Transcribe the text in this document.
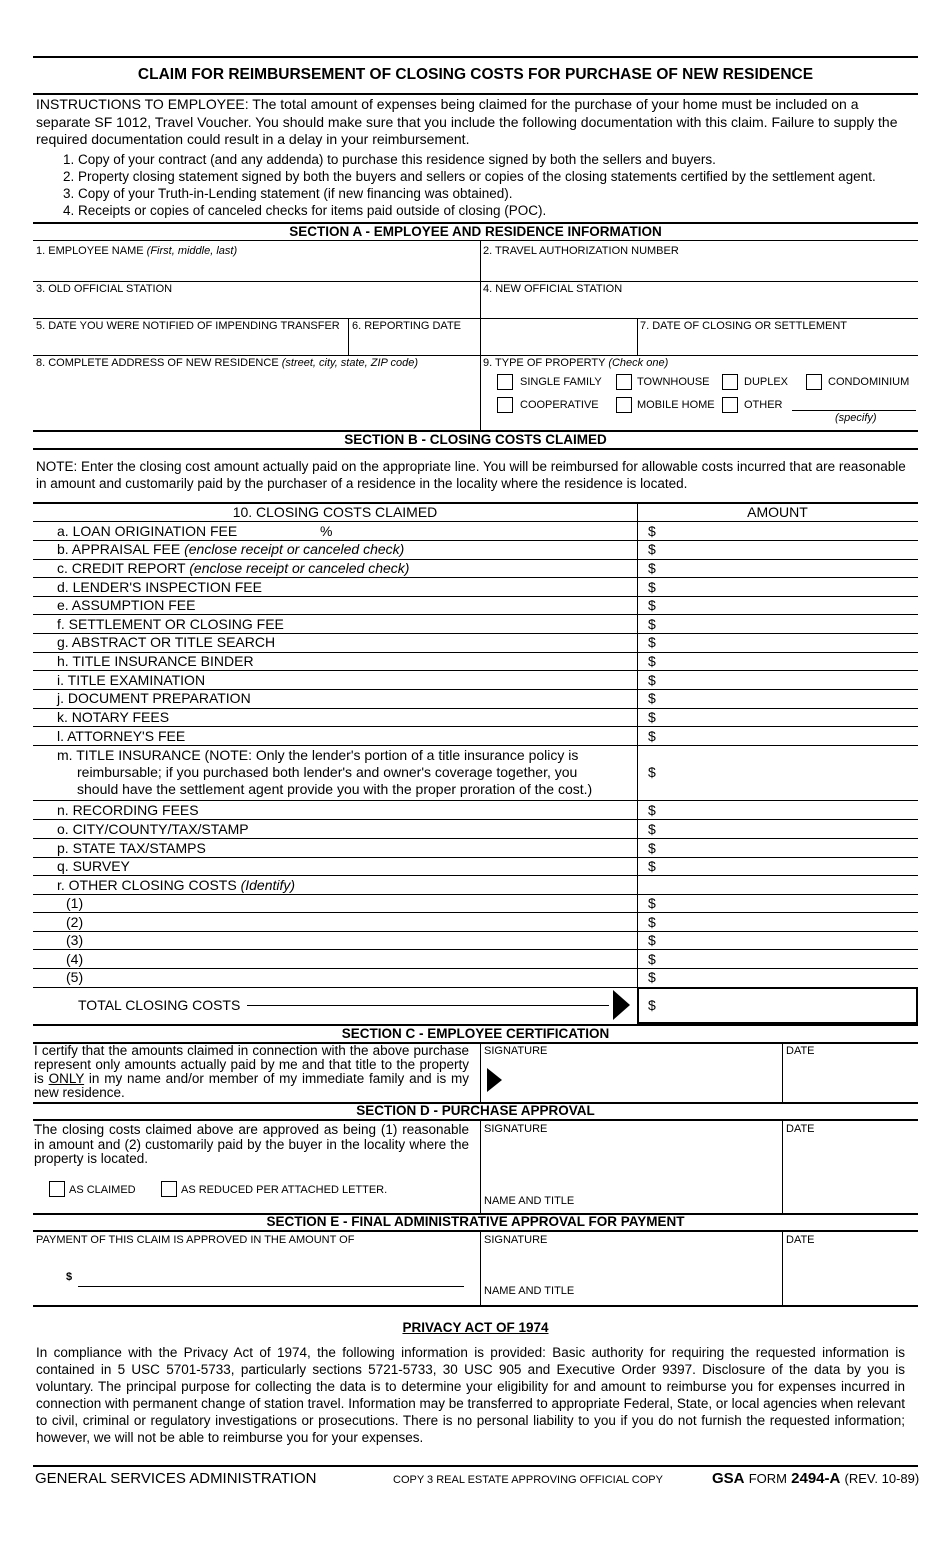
CLAIM FOR REIMBURSEMENT OF CLOSING COSTS FOR PURCHASE OF NEW RESIDENCE
INSTRUCTIONS TO EMPLOYEE: The total amount of expenses being claimed for the purchase of your home must be included on a separate SF 1012, Travel Voucher. You should make sure that you include the following documentation with this claim. Failure to supply the required documentation could result in a delay in your reimbursement.
1. Copy of your contract (and any addenda) to purchase this residence signed by both the sellers and buyers.
2. Property closing statement signed by both the buyers and sellers or copies of the closing statements certified by the settlement agent.
3. Copy of your Truth-in-Lending statement (if new financing was obtained).
4. Receipts or copies of canceled checks for items paid outside of closing (POC).
SECTION A - EMPLOYEE AND RESIDENCE INFORMATION
1. EMPLOYEE NAME (First, middle, last)	2. TRAVEL AUTHORIZATION NUMBER
3. OLD OFFICIAL STATION	4. NEW OFFICIAL STATION
5. DATE YOU WERE NOTIFIED OF IMPENDING TRANSFER 6. REPORTING DATE	7. DATE OF CLOSING OR SETTLEMENT
8. COMPLETE ADDRESS OF NEW RESIDENCE (street, city, state, ZIP code)	9. TYPE OF PROPERTY (Check one)
SINGLE FAMILY	TOWNHOUSE	DUPLEX	CONDOMINIUM
COOPERATIVE	MOBILE HOME	OTHER
(specify)
SECTION B - CLOSING COSTS CLAIMED
NOTE: Enter the closing cost amount actually paid on the appropriate line. You will be reimbursed for allowable costs incurred that are reasonable in amount and customarily paid by the purchaser of a residence in the locality where the residence is located.
10. CLOSING COSTS CLAIMED	AMOUNT
a. LOAN ORIGINATION FEE	%	$
b. APPRAISAL FEE (enclose receipt or canceled check)	$
c. CREDIT REPORT (enclose receipt or canceled check)	$
d. LENDER'S INSPECTION FEE	$
e. ASSUMPTION FEE	$
f. SETTLEMENT OR CLOSING FEE	$
g. ABSTRACT OR TITLE SEARCH	$
h. TITLE INSURANCE BINDER	$
i. TITLE EXAMINATION	$
j. DOCUMENT PREPARATION	$
k. NOTARY FEES	$
l. ATTORNEY'S FEE	$
m. TITLE INSURANCE (NOTE: Only the lender's portion of a title insurance policy is
reimbursable; if you purchased both lender's and owner's coverage together, you
should have the settlement agent provide you with the proper proration of the cost.)
$
n. RECORDING FEES	$
o. CITY/COUNTY/TAX/STAMP	$
p. STATE TAX/STAMPS	$
q. SURVEY	$
r. OTHER CLOSING COSTS (Identify)
(1)	$
(2)	$
(3)	$
(4)	$
(5)	$
TOTAL CLOSING COSTS	$
SECTION C - EMPLOYEE CERTIFICATION
I certify that the amounts claimed in connection with the above purchase represent only amounts actually paid by me and that title to the property is ONLY in my name and/or member of my immediate family and is my new residence.
SIGNATURE	DATE
SECTION D - PURCHASE APPROVAL
The closing costs claimed above are approved as being (1) reasonable in amount and (2) customarily paid by the buyer in the locality where the property is located.
AS CLAIMED	AS REDUCED PER ATTACHED LETTER.
SIGNATURE
NAME AND TITLE
DATE
SECTION E - FINAL ADMINISTRATIVE APPROVAL FOR PAYMENT
PAYMENT OF THIS CLAIM IS APPROVED IN THE AMOUNT OF
$
SIGNATURE
NAME AND TITLE
DATE
PRIVACY ACT OF 1974
In compliance with the Privacy Act of 1974, the following information is provided: Basic authority for requiring the requested information is contained in 5 USC 5701-5733, particularly sections 5721-5733, 30 USC 905 and Executive Order 9397. Disclosure of the data by you is voluntary. The principal purpose for collecting the data is to determine your eligibility for and amount to reimburse you for expenses incurred in connection with permanent change of station travel. Information may be transferred to appropriate Federal, State, or local agencies when relevant to civil, criminal or regulatory investigations or prosecutions. There is no personal liability to you if you do not furnish the requested information; however, we will not be able to reimburse you for your expenses.
GENERAL SERVICES ADMINISTRATION	COPY 3 REAL ESTATE APPROVING OFFICIAL COPY	GSA FORM 2494-A (REV. 10-89)
